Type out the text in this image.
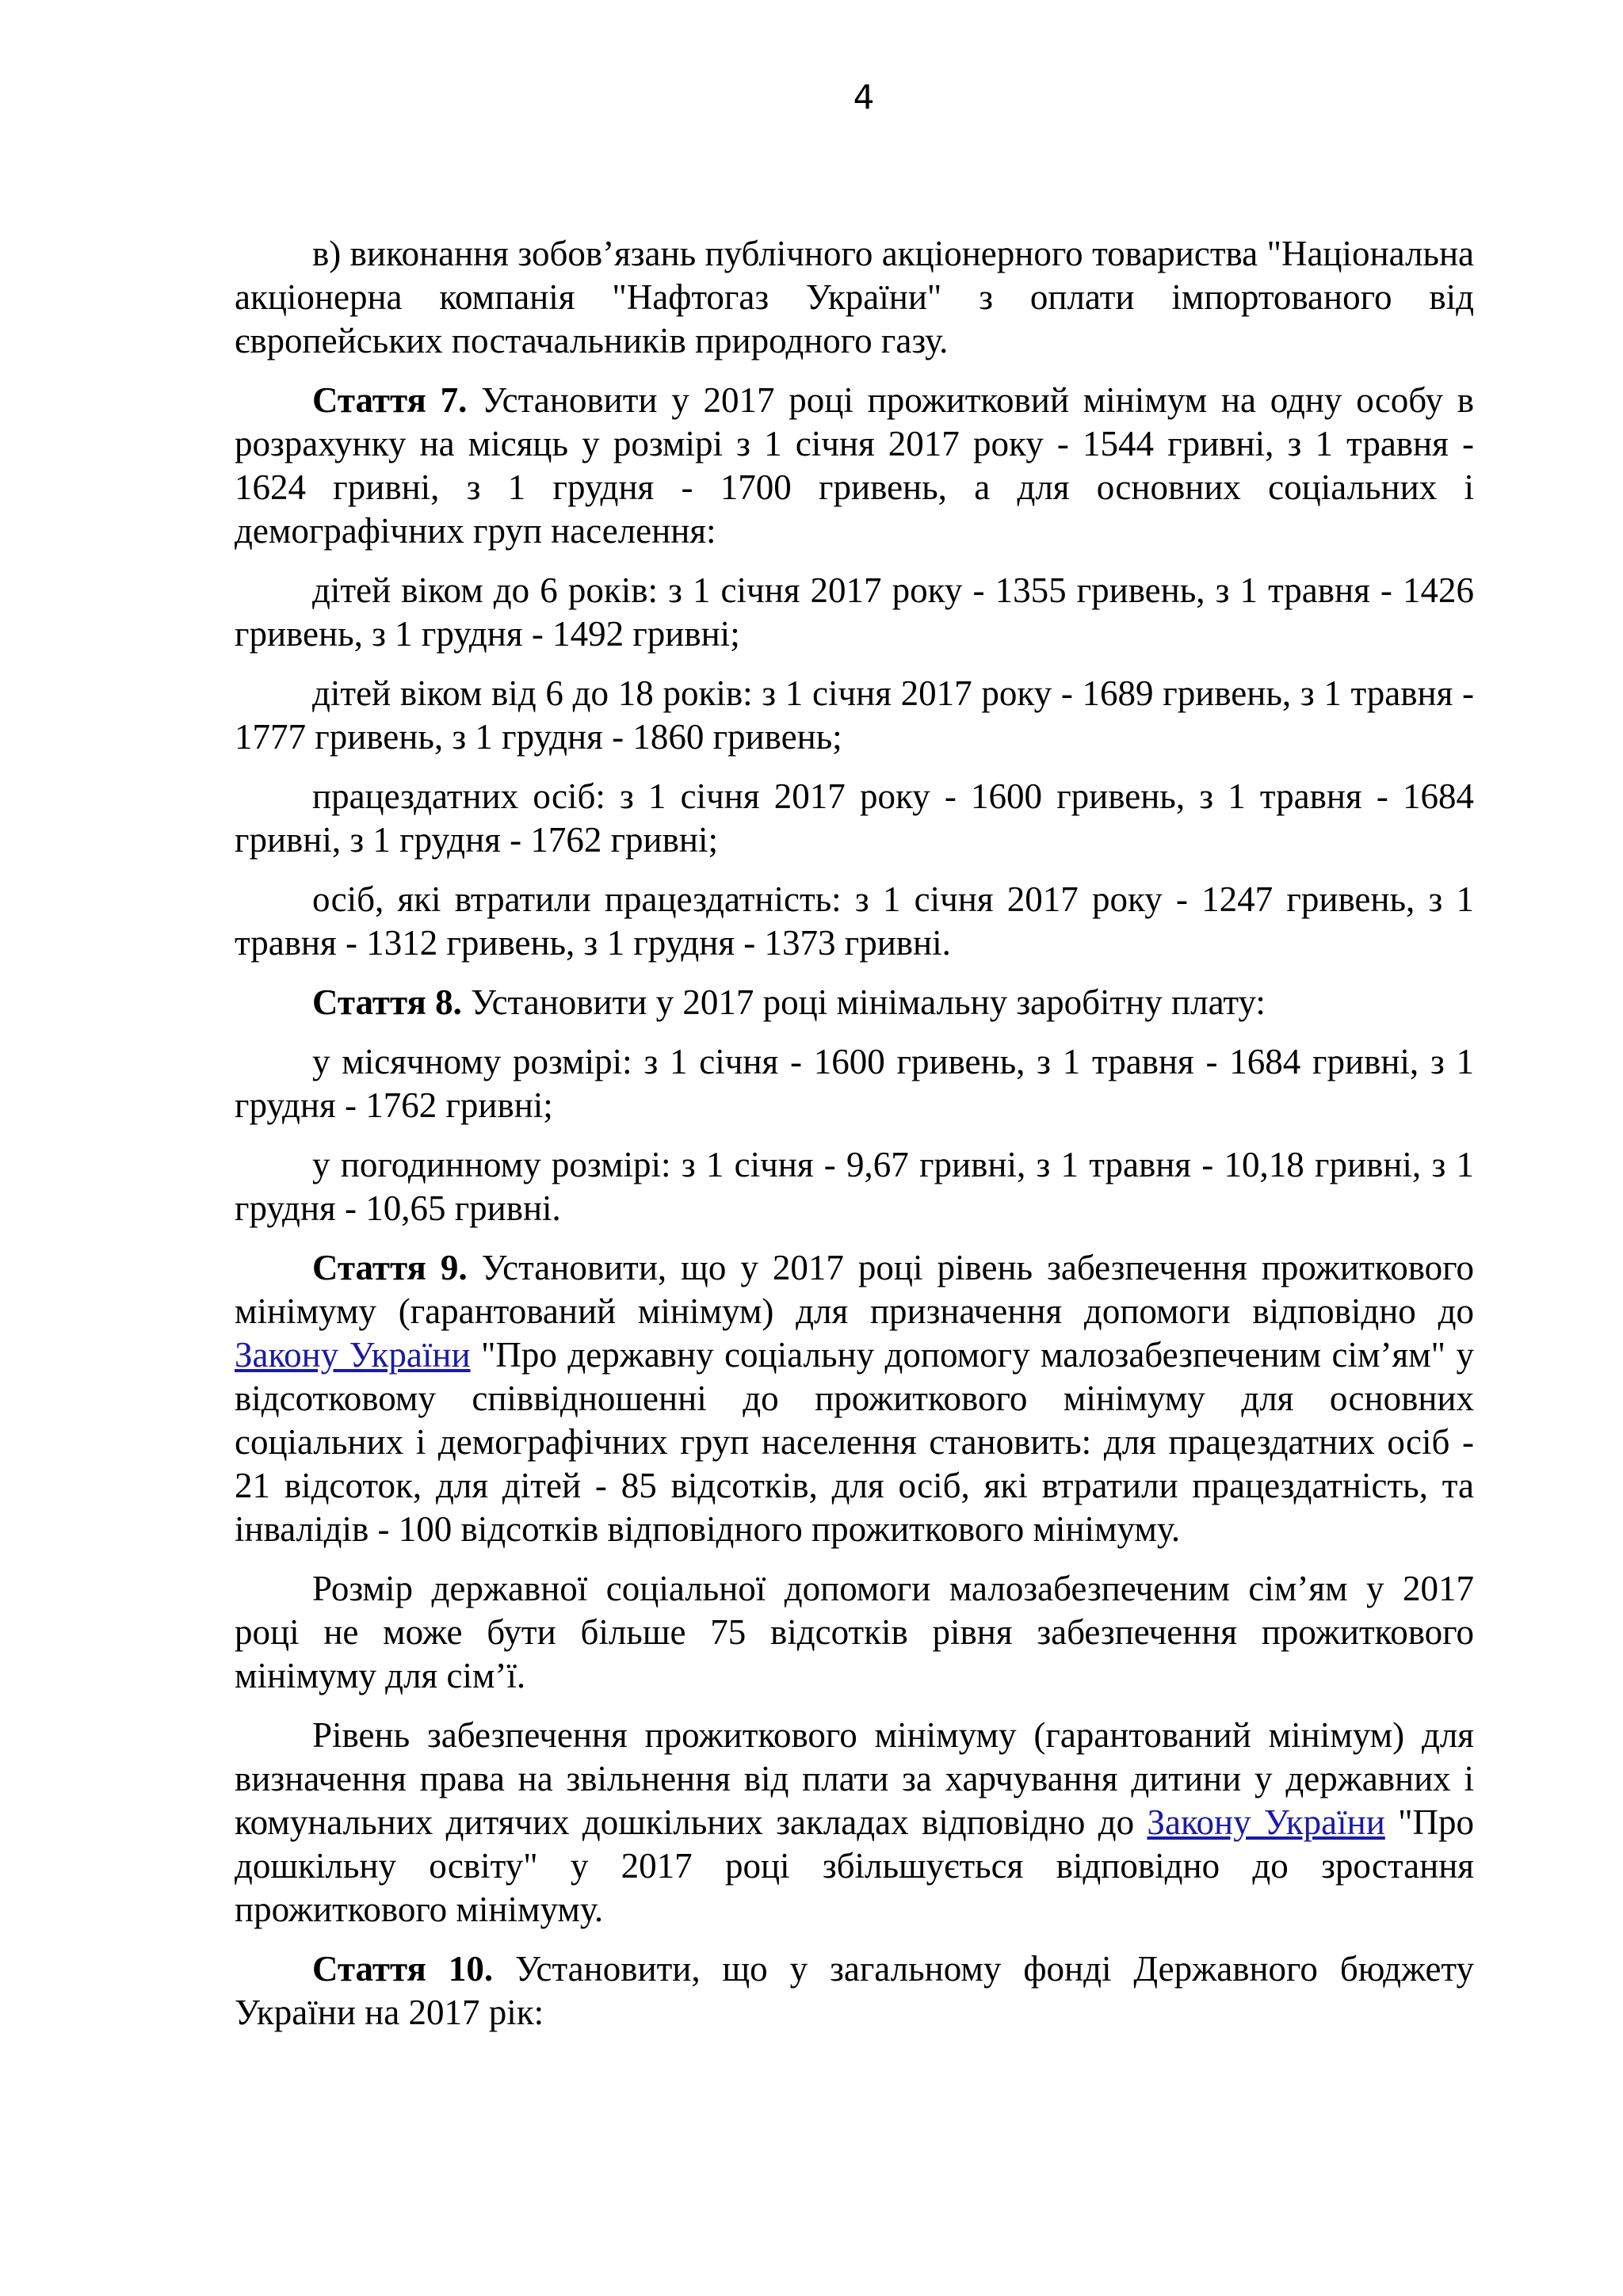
4

в) виконання зобов’язань публічного акціонерного товариства "Національна акціонерна компанія "Нафтогаз України" з оплати імпортованого від європейських постачальників природного газу.

Стаття 7. Установити у 2017 році прожитковий мінімум на одну особу в розрахунку на місяць у розмірі з 1 січня 2017 року - 1544 гривні, з 1 травня - 1624 гривні, з 1 грудня - 1700 гривень, а для основних соціальних і демографічних груп населення:

дітей віком до 6 років: з 1 січня 2017 року - 1355 гривень, з 1 травня - 1426 гривень, з 1 грудня - 1492 гривні;

дітей віком від 6 до 18 років: з 1 січня 2017 року - 1689 гривень, з 1 травня - 1777 гривень, з 1 грудня - 1860 гривень;

працездатних осіб: з 1 січня 2017 року - 1600 гривень, з 1 травня - 1684 гривні, з 1 грудня - 1762 гривні;

осіб, які втратили працездатність: з 1 січня 2017 року - 1247 гривень, з 1 травня - 1312 гривень, з 1 грудня - 1373 гривні.

Стаття 8. Установити у 2017 році мінімальну заробітну плату:

у місячному розмірі: з 1 січня - 1600 гривень, з 1 травня - 1684 гривні, з 1 грудня - 1762 гривні;

у погодинному розмірі: з 1 січня - 9,67 гривні, з 1 травня - 10,18 гривні, з 1 грудня - 10,65 гривні.

Стаття 9. Установити, що у 2017 році рівень забезпечення прожиткового мінімуму (гарантований мінімум) для призначення допомоги відповідно до Закону України "Про державну соціальну допомогу малозабезпеченим сім’ям" у відсотковому співвідношенні до прожиткового мінімуму для основних соціальних і демографічних груп населення становить: для працездатних осіб - 21 відсоток, для дітей - 85 відсотків, для осіб, які втратили працездатність, та інвалідів - 100 відсотків відповідного прожиткового мінімуму.

Розмір державної соціальної допомоги малозабезпеченим сім’ям у 2017 році не може бути більше 75 відсотків рівня забезпечення прожиткового мінімуму для сім’ї.

Рівень забезпечення прожиткового мінімуму (гарантований мінімум) для визначення права на звільнення від плати за харчування дитини у державних і комунальних дитячих дошкільних закладах відповідно до Закону України "Про дошкільну освіту" у 2017 році збільшується відповідно до зростання прожиткового мінімуму.

Стаття 10. Установити, що у загальному фонді Державного бюджету України на 2017 рік:
